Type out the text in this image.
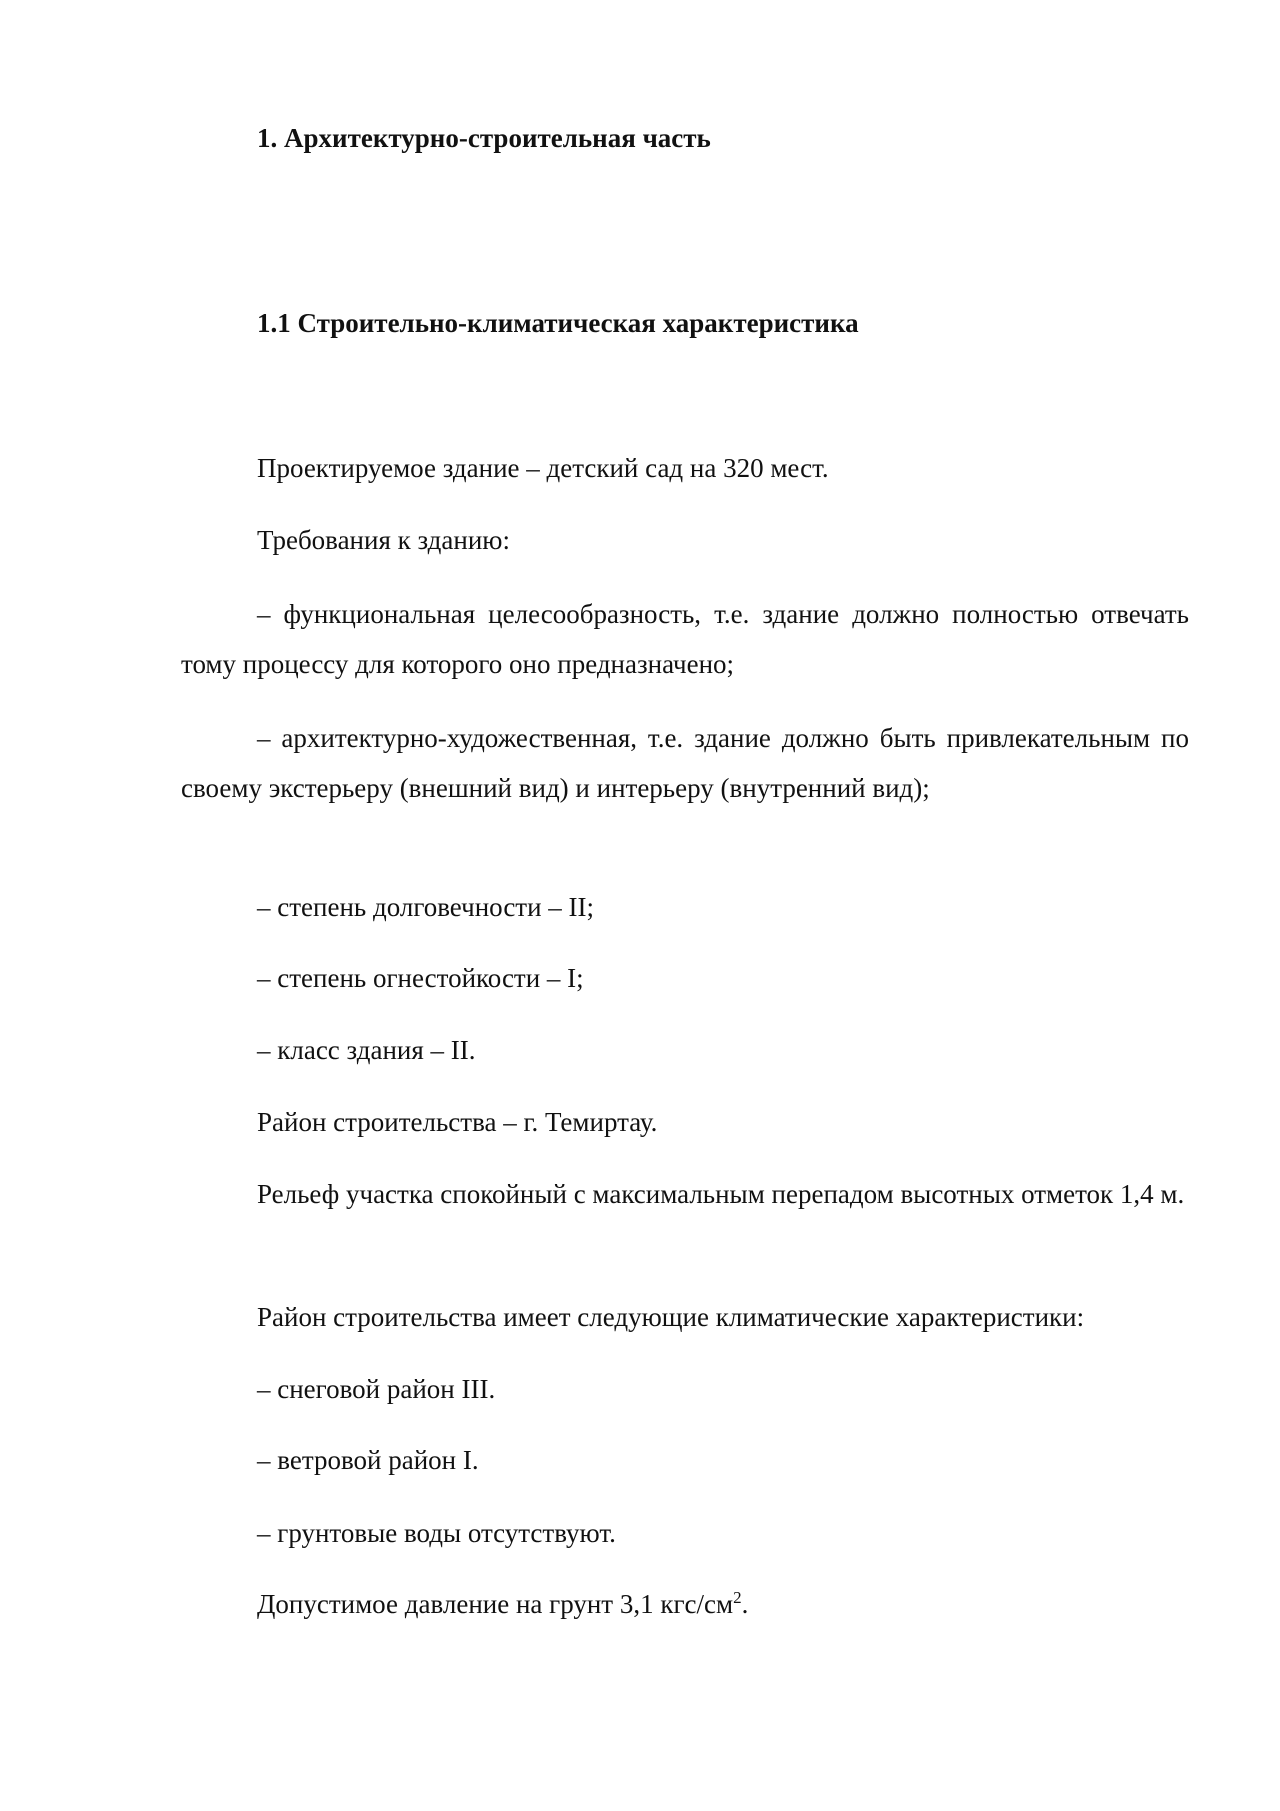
1. Архитектурно-строительная часть

1.1 Строительно-климатическая характеристика

Проектируемое здание – детский сад на 320 мест.

Требования к зданию:

– функциональная целесообразность, т.е. здание должно полностью отвечать тому процессу для которого оно предназначено;

– архитектурно-художественная, т.е. здание должно быть привлекательным по своему экстерьеру (внешний вид) и интерьеру (внутренний вид);

– степень долговечности – II;

– степень огнестойкости – I;

– класс здания – II.

Район строительства – г. Темиртау.

Рельеф участка спокойный с максимальным перепадом высотных отметок 1,4 м.

Район строительства имеет следующие климатические характеристики:

– снеговой район III.

– ветровой район I.

– грунтовые воды отсутствуют.

Допустимое давление на грунт 3,1 кгс/$см^2$.
